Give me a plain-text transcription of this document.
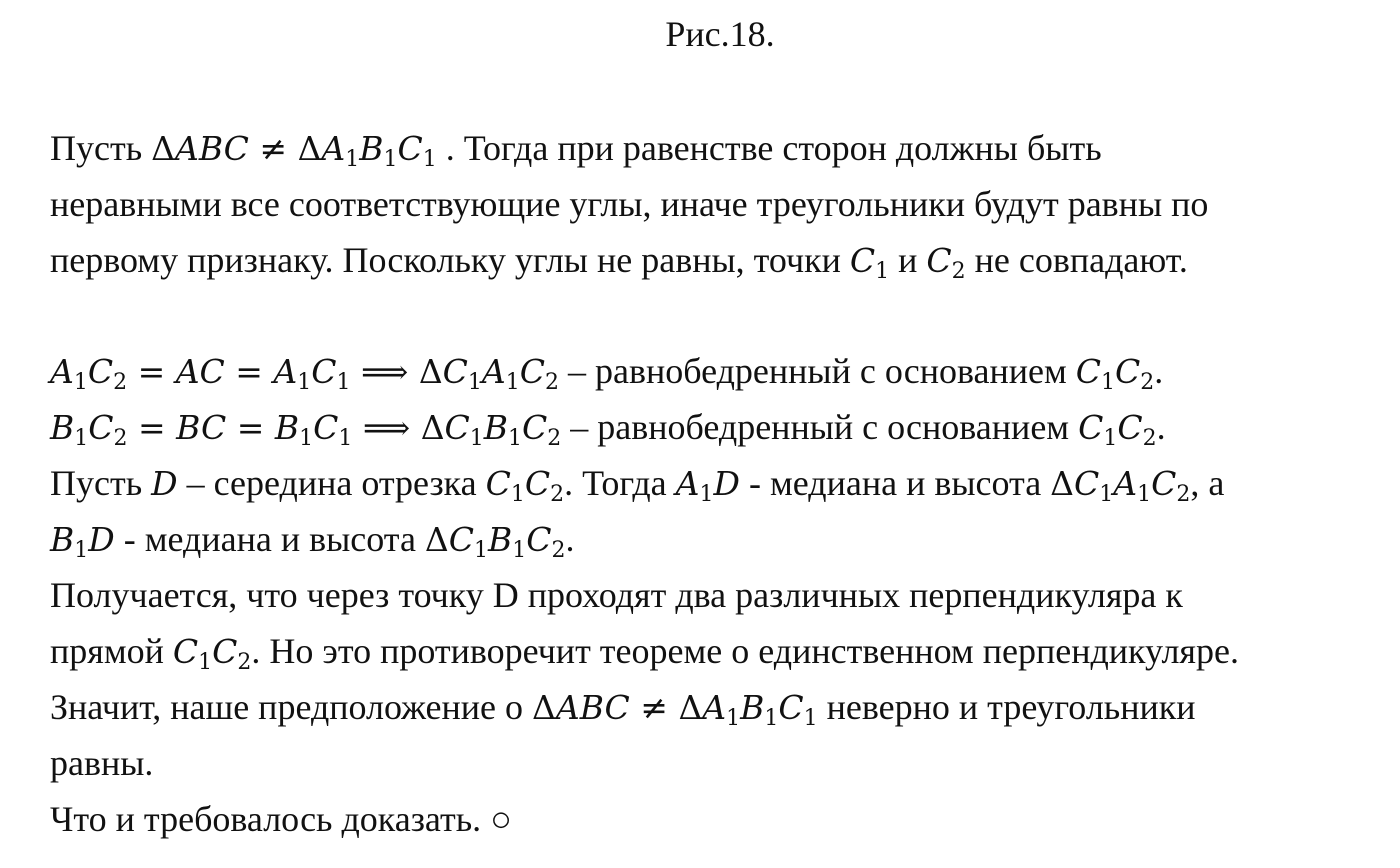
Рис.18.
Пусть $\Delta ABC \ne \Delta A_1B_1C_1$ . Тогда при равенстве сторон должны быть
неравными все соответствующие углы, иначе треугольники будут равны по
первому признаку. Поскольку углы не равны, точки $C_1$ и $C_2$ не совпадают.
$A_1C_2$ = AC = $A_1C_1$ ⟹ $\Delta C_1A_1C_2$ – равнобедренный с основанием $C_1C_2$.
$B_1C_2$ = BC = $B_1C_1$ ⟹ $\Delta C_1B_1C_2$ – равнобедренный с основанием $C_1C_2$.
Пусть D – середина отрезка $C_1C_2$. Тогда $A_1D$ - медиана и высота $\Delta C_1A_1C_2$, а
$B_1D$ - медиана и высота $\Delta C_1B_1C_2$.
Получается, что через точку D проходят два различных перпендикуляра к
прямой $C_1C_2$. Но это противоречит теореме о единственном перпендикуляре.
Значит, наше предположение о $\Delta ABC \ne \Delta A_1B_1C_1$ неверно и треугольники
равны.
Что и требовалось доказать. ○
